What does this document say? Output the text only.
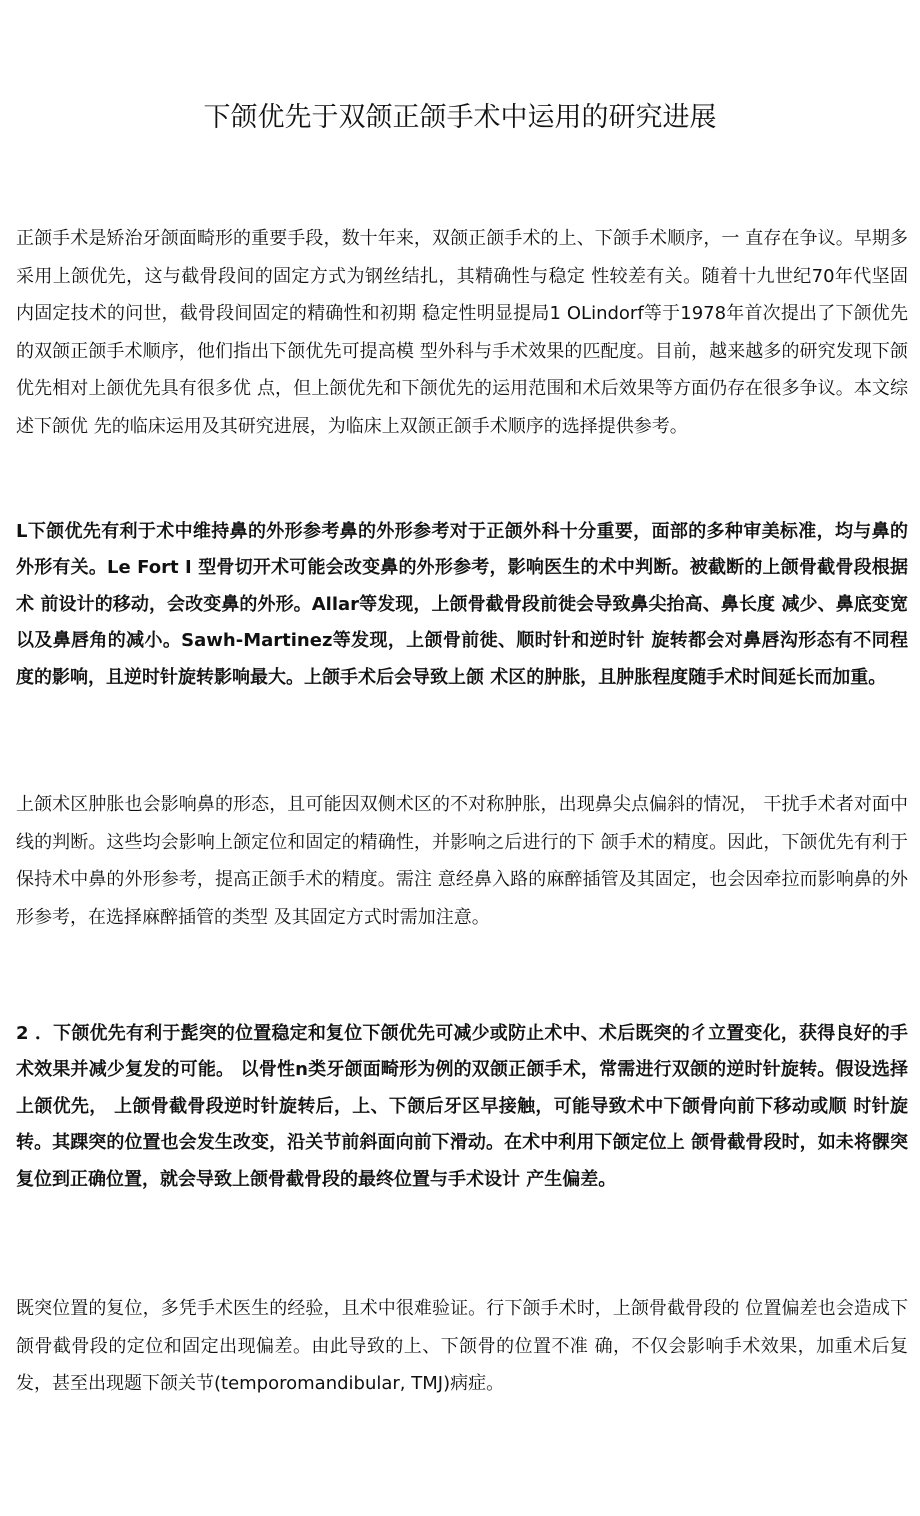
下颌优先于双颌正颌手术中运用的研究进展

正颌手术是矫治牙颌面畸形的重要手段，数十年来，双颌正颌手术的上、下颌手术顺序，一 直存在争议。早期多采用上颌优先，这与截骨段间的固定方式为钢丝结扎，其精确性与稳定 性较差有关。随着十九世纪70年代坚固内固定技术的问世，截骨段间固定的精确性和初期 稳定性明显提局1 OLindorf等于1978年首次提出了下颌优先的双颌正颌手术顺序，他们指出下颌优先可提高模 型外科与手术效果的匹配度。目前，越来越多的研究发现下颌优先相对上颌优先具有很多优 点，但上颌优先和下颌优先的运用范围和术后效果等方面仍存在很多争议。本文综述下颌优 先的临床运用及其研究进展，为临床上双颌正颌手术顺序的选择提供参考。

L下颌优先有利于术中维持鼻的外形参考鼻的外形参考对于正颌外科十分重要，面部的多种审美标准，均与鼻的外形有关。Le Fort I 型骨切开术可能会改变鼻的外形参考，影响医生的术中判断。被截断的上颌骨截骨段根据术 前设计的移动，会改变鼻的外形。Allar等发现，上颌骨截骨段前徙会导致鼻尖抬高、鼻长度 减少、鼻底变宽以及鼻唇角的减小。Sawh-Martinez等发现，上颌骨前徙、顺时针和逆时针 旋转都会对鼻唇沟形态有不同程度的影响，且逆时针旋转影响最大。上颌手术后会导致上颌 术区的肿胀，且肿胀程度随手术时间延长而加重。

上颌术区肿胀也会影响鼻的形态，且可能因双侧术区的不对称肿胀，出现鼻尖点偏斜的情况， 干扰手术者对面中线的判断。这些均会影响上颌定位和固定的精确性，并影响之后进行的下 颌手术的精度。因此，下颌优先有利于保持术中鼻的外形参考，提高正颌手术的精度。需注 意经鼻入路的麻醉插管及其固定，也会因牵拉而影响鼻的外形参考，在选择麻醉插管的类型 及其固定方式时需加注意。

2 ．下颌优先有利于髭突的位置稳定和复位下颌优先可减少或防止术中、术后既突的彳立置变化，获得良好的手术效果并减少复发的可能。 以骨性n类牙颌面畸形为例的双颌正颌手术，常需进行双颌的逆时针旋转。假设选择上颌优先， 上颌骨截骨段逆时针旋转后，上、下颌后牙区早接触，可能导致术中下颌骨向前下移动或顺 时针旋转。其踝突的位置也会发生改变，沿关节前斜面向前下滑动。在术中利用下颌定位上 颌骨截骨段时，如未将髁突复位到正确位置，就会导致上颌骨截骨段的最终位置与手术设计 产生偏差。

既突位置的复位，多凭手术医生的经验，且术中很难验证。行下颌手术时，上颌骨截骨段的 位置偏差也会造成下颌骨截骨段的定位和固定出现偏差。由此导致的上、下颌骨的位置不准 确，不仅会影响手术效果，加重术后复发，甚至出现题下颌关节(temporomandibular, TMJ)病症。
